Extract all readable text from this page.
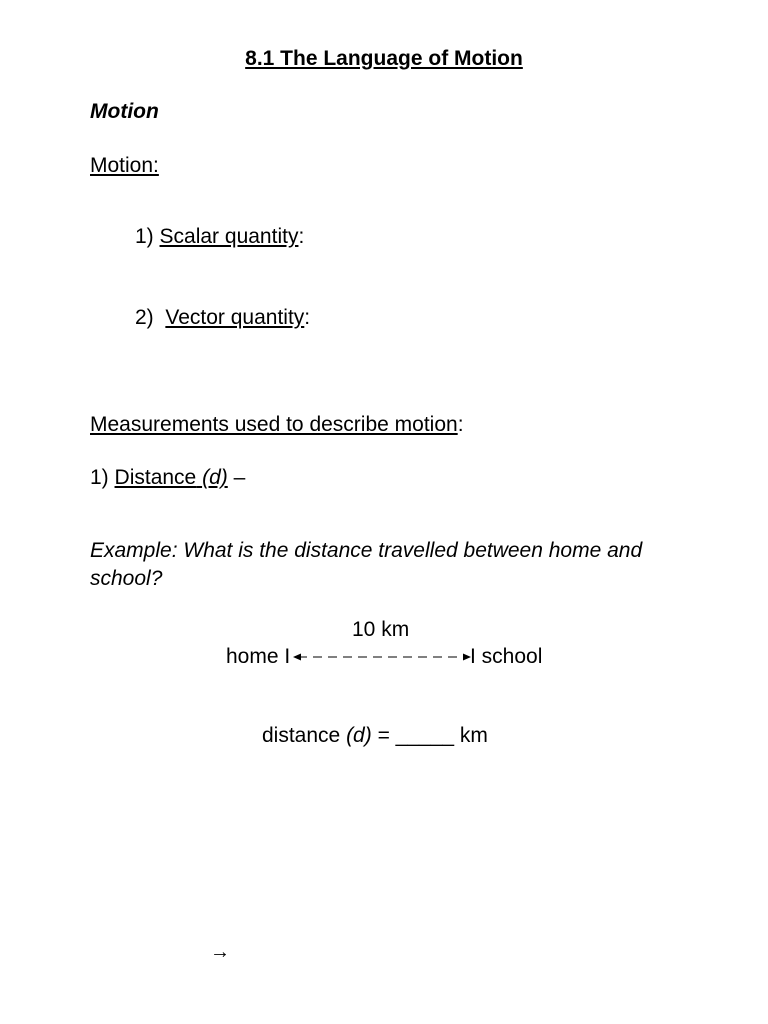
8.1 The Language of Motion
Motion
Motion:
1) Scalar quantity:
2) Vector quantity:
Measurements used to describe motion:
1) Distance (d) –
Example: What is the distance travelled between home and school?
10 km
home I	I school
distance (d) = _____ km
→
